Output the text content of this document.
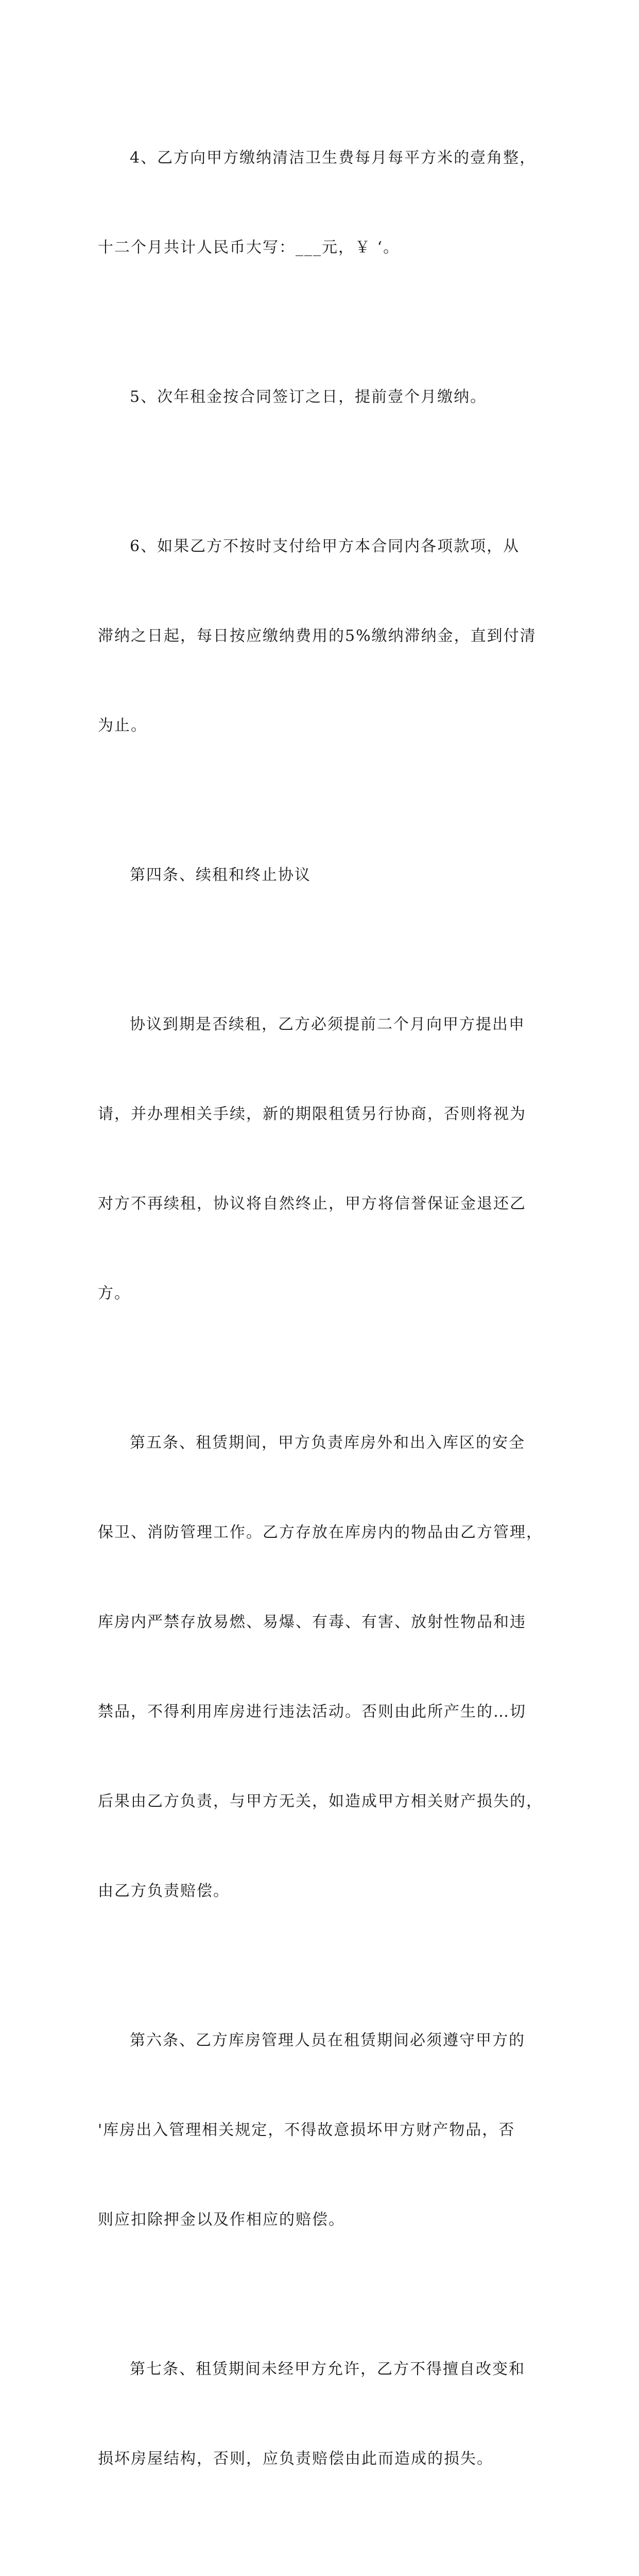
4、乙方向甲方缴纳清洁卫生费每月每平方米的壹角整，

十二个月共计人民币大写：___元，￥ ‘。

5、次年租金按合同签订之日，提前壹个月缴纳。

6、如果乙方不按时支付给甲方本合同内各项款项，从

滞纳之日起，每日按应缴纳费用的5%缴纳滞纳金，直到付清

为止。

第四条、续租和终止协议

协议到期是否续租，乙方必须提前二个月向甲方提出申

请，并办理相关手续，新的期限租赁另行协商，否则将视为

对方不再续租，协议将自然终止，甲方将信誉保证金退还乙

方。

第五条、租赁期间，甲方负责库房外和出入库区的安全

保卫、消防管理工作。乙方存放在库房内的物品由乙方管理，

库房内严禁存放易燃、易爆、有毒、有害、放射性物品和违

禁品，不得利用库房进行违法活动。否则由此所产生的…切

后果由乙方负责，与甲方无关，如造成甲方相关财产损失的，

由乙方负责赔偿。

第六条、乙方库房管理人员在租赁期间必须遵守甲方的

'库房出入管理相关规定，不得故意损坏甲方财产物品，否

则应扣除押金以及作相应的赔偿。

第七条、租赁期间未经甲方允许，乙方不得擅自改变和

损坏房屋结构，否则，应负责赔偿由此而造成的损失。
